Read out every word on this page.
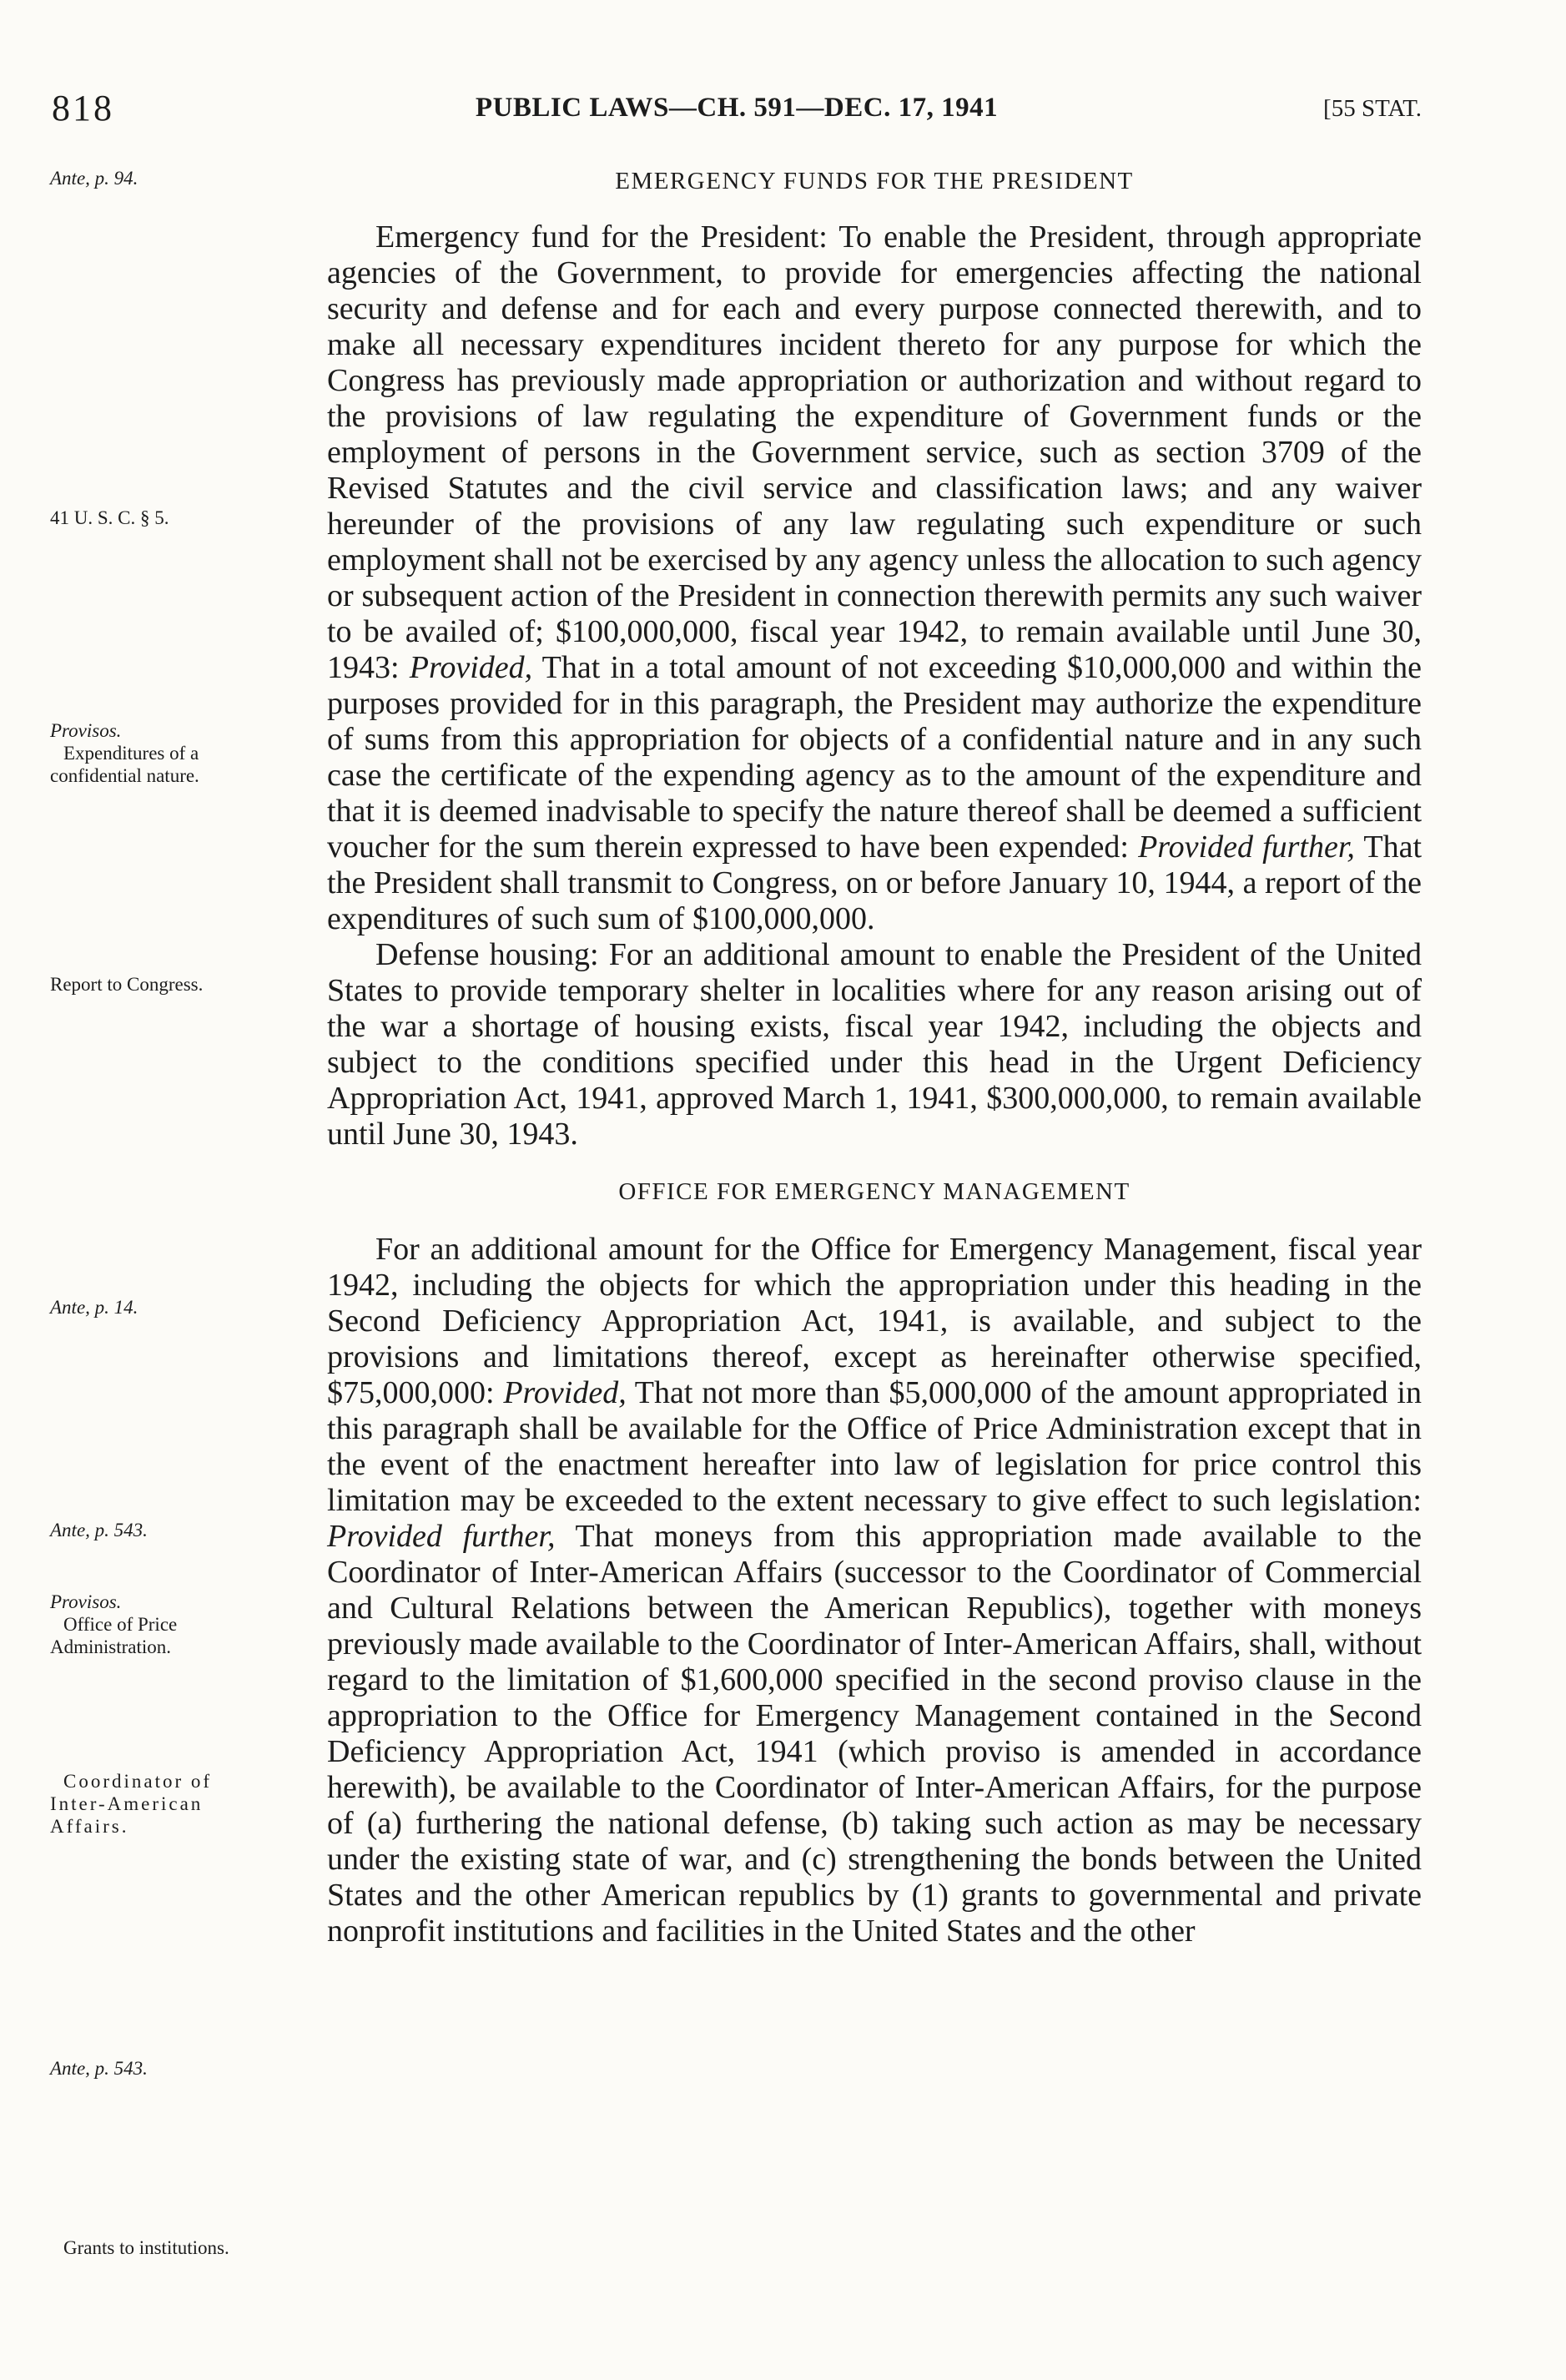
818	PUBLIC LAWS—CH. 591—DEC. 17, 1941	[55 STAT.
Ante, p. 94.
41 U. S. C. § 5.
Provisos.
Expenditures of a confidential nature.
Report to Congress.
Ante, p. 14.
Ante, p. 543.
Provisos.
Office of Price Administration.
Coordinator of Inter-American Affairs.
Ante, p. 543.
Grants to institutions.
EMERGENCY FUNDS FOR THE PRESIDENT

Emergency fund for the President: To enable the President, through appropriate agencies of the Government, to provide for emergencies affecting the national security and defense and for each and every purpose connected therewith, and to make all necessary expenditures incident thereto for any purpose for which the Congress has previously made appropriation or authorization and without regard to the provisions of law regulating the expenditure of Government funds or the employment of persons in the Government service, such as section 3709 of the Revised Statutes and the civil service and classification laws; and any waiver hereunder of the provisions of any law regulating such expenditure or such employment shall not be exercised by any agency unless the allocation to such agency or subsequent action of the President in connection therewith permits any such waiver to be availed of; $100,000,000, fiscal year 1942, to remain available until June 30, 1943: Provided, That in a total amount of not exceeding $10,000,000 and within the purposes provided for in this paragraph, the President may authorize the expenditure of sums from this appropriation for objects of a confidential nature and in any such case the certificate of the expending agency as to the amount of the expenditure and that it is deemed inadvisable to specify the nature thereof shall be deemed a sufficient voucher for the sum therein expressed to have been expended: Provided further, That the President shall transmit to Congress, on or before January 10, 1944, a report of the expenditures of such sum of $100,000,000.

Defense housing: For an additional amount to enable the President of the United States to provide temporary shelter in localities where for any reason arising out of the war a shortage of housing exists, fiscal year 1942, including the objects and subject to the conditions specified under this head in the Urgent Deficiency Appropriation Act, 1941, approved March 1, 1941, $300,000,000, to remain available until June 30, 1943.

OFFICE FOR EMERGENCY MANAGEMENT

For an additional amount for the Office for Emergency Management, fiscal year 1942, including the objects for which the appropriation under this heading in the Second Deficiency Appropriation Act, 1941, is available, and subject to the provisions and limitations thereof, except as hereinafter otherwise specified, $75,000,000: Provided, That not more than $5,000,000 of the amount appropriated in this paragraph shall be available for the Office of Price Administration except that in the event of the enactment hereafter into law of legislation for price control this limitation may be exceeded to the extent necessary to give effect to such legislation: Provided further, That moneys from this appropriation made available to the Coordinator of Inter-American Affairs (successor to the Coordinator of Commercial and Cultural Relations between the American Republics), together with moneys previously made available to the Coordinator of Inter-American Affairs, shall, without regard to the limitation of $1,600,000 specified in the second proviso clause in the appropriation to the Office for Emergency Management contained in the Second Deficiency Appropriation Act, 1941 (which proviso is amended in accordance herewith), be available to the Coordinator of Inter-American Affairs, for the purpose of (a) furthering the national defense, (b) taking such action as may be necessary under the existing state of war, and (c) strengthening the bonds between the United States and the other American republics by (1) grants to governmental and private nonprofit institutions and facilities in the United States and the other
